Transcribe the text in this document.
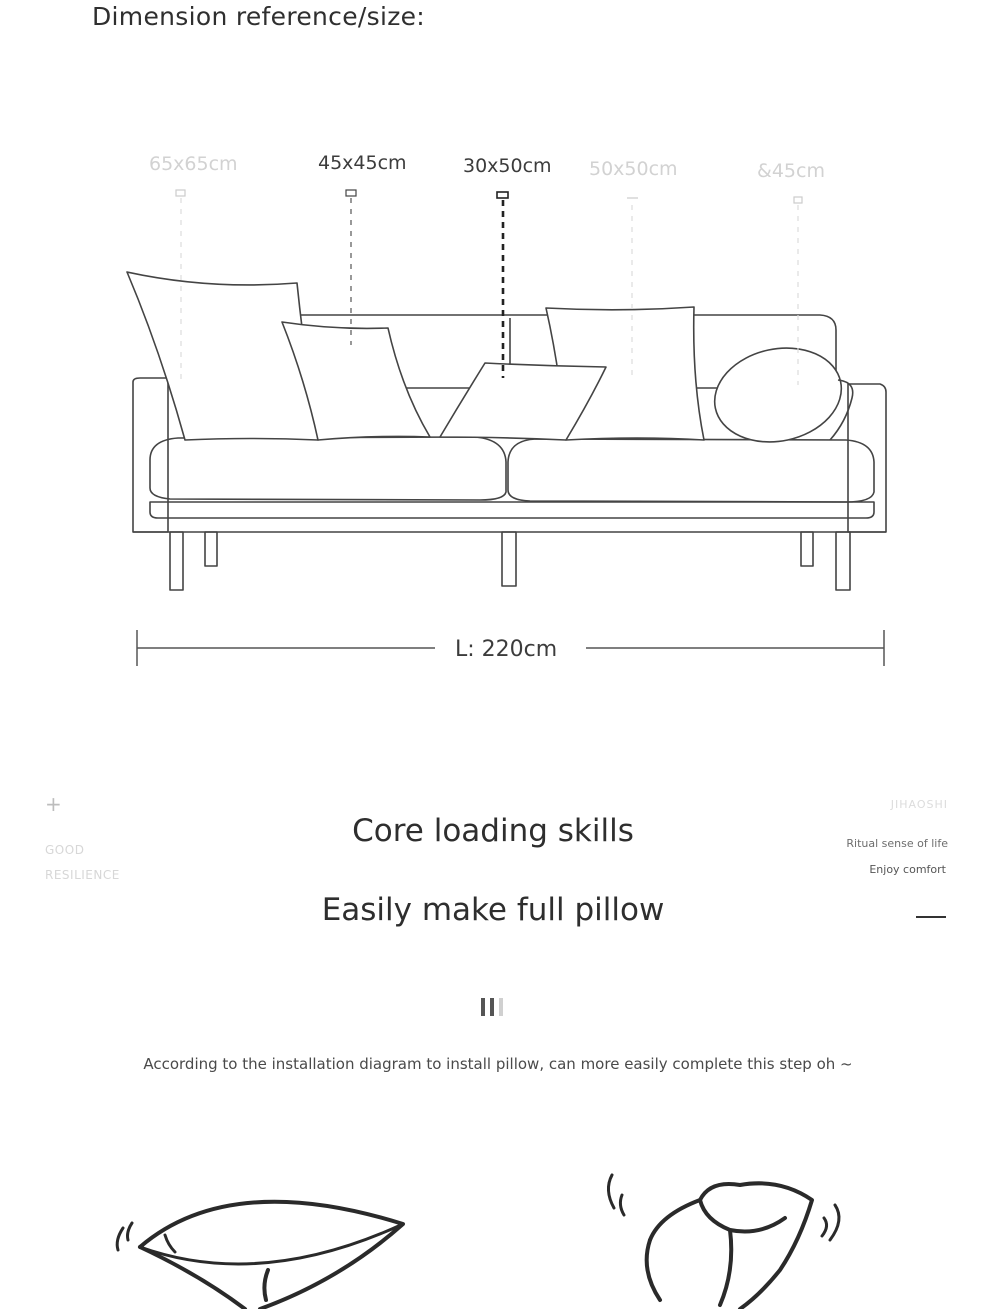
Dimension reference/size:
65x65cm	45x45cm	30x50cm 50x50cm	&45cm
L: 220cm
+
GOOD
RESILIENCE
JIHAOSHI
Ritual sense of life
Enjoy comfort
Core loading skills
Easily make full pillow
According to the installation diagram to install pillow, can more easily complete this step oh ~
